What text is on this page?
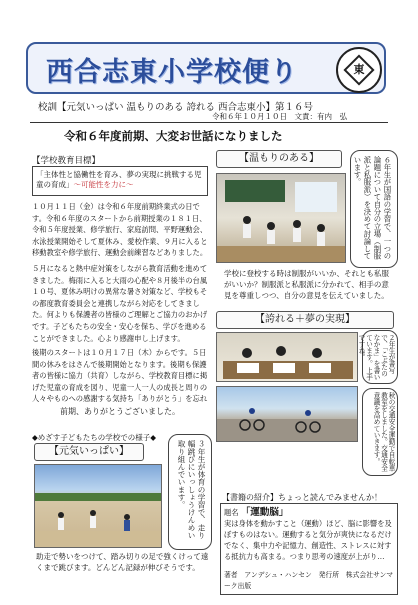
西合志東小学校便り	東
校訓【元気いっぱい 温もりのある 誇れる 西合志東小】第１６号
令和６年１０月１０日　文責：有内　弘
令和６年度前期、大変お世話になりました
【学校教育目標】
「主体性と協働性を育み、夢の実現に挑戦する児童の育成」～可能性を力に～
１０月１１日（金）は令和６年度前期終業式の日です。令和６年度のスタートから前期授業の１８１日、令和５年度授業、修学旅行、家庭訪問、平野運動会、水泳授業開始そして夏休み、愛校作業、９月に入ると移動教室や修学旅行、運動会前練習などありました。
５月になると熱中症対策をしながら教育活動を進めてきました。梅雨に入ると大雨の心配や８月後半の台風１０号、夏休み明けの異常な暑さ対策など、学校もその都度教育委員会と連携しながら対応をしてきました。何よりも保護者の皆様のご理解とご協力のおかげです。子どもたちの安全・安心を保ち、学びを進めることができました。心より感謝申し上げます。
後期のスタートは１０月１７日（木）からです。５日間の休みをはさんで後期開始となります。後期も保護者の皆様に協力（共育）しながら、学校教育目標に掲げた児童の育成を図り、児童一人一人の成長と周りの人々やものへの感謝する気持ち「ありがとう」を忘れ
前期、ありがとうございました。
◆めざす子どもたちの学校での様子◆
【元気いっぱい】	３年生が体育の学習で、走り幅跳びにいっしょうけんめい取り組んでいます。
助走で勢いをつけて、踏み切りの足で強くけって遠くまで跳びます。どんどん記録が伸びそうです。
【温もりのある】	６年生が国語の学習で、一つの論題について自分の立場（制服派と私服派）を決めて討論しています。
学校に登校する時は制服がいいか、それとも私服がいいか？制服派と私服派に分かれて、相手の意見を尊重しつつ、自分の意見を伝えていました。
【誇れる＋夢の実現】
２年生が書写で、「こぶたのなかま」を書いています。上手ですね。
秋の交通安全運動で自転車教室をしました。交通安全意識を高めていきます。
【書籍の紹介】ちょっと読んでみませんか！
題名 「運動脳」
実は身体を動かすこと（運動）ほど、脳に影響を及ぼすものはない。運動すると気分が爽快になるだけでなく、集中力や記憶力、創造性、ストレスに対する抵抗力も高まる。つまり思考の速度が上がり…
著者　アンデシュ・ハンセン　発行所　株式会社サンマーク出版
